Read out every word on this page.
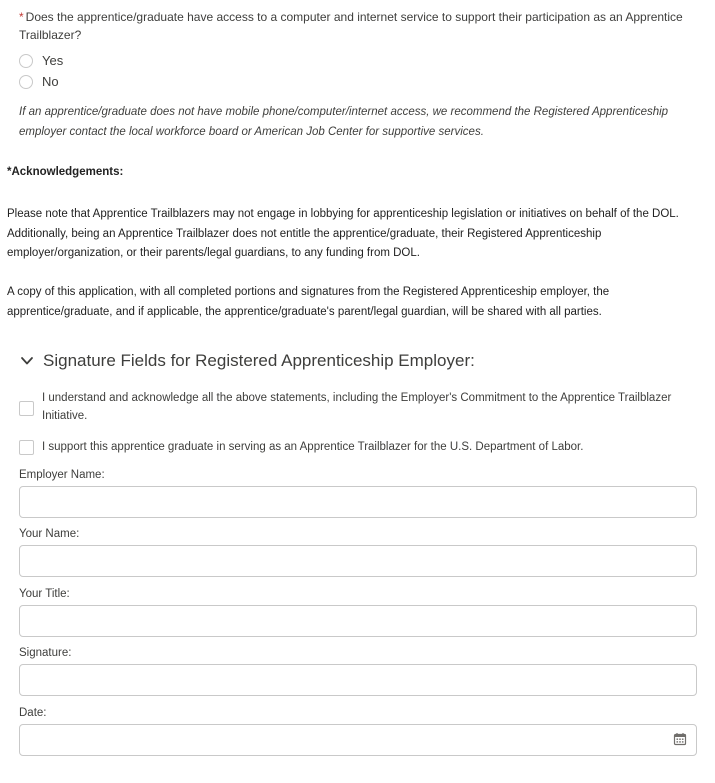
* Does the apprentice/graduate have access to a computer and internet service to support their participation as an Apprentice Trailblazer?
Yes
No
If an apprentice/graduate does not have mobile phone/computer/internet access, we recommend the Registered Apprenticeship employer contact the local workforce board or American Job Center for supportive services.
*Acknowledgements:
Please note that Apprentice Trailblazers may not engage in lobbying for apprenticeship legislation or initiatives on behalf of the DOL. Additionally, being an Apprentice Trailblazer does not entitle the apprentice/graduate, their Registered Apprenticeship employer/organization, or their parents/legal guardians, to any funding from DOL.
A copy of this application, with all completed portions and signatures from the Registered Apprenticeship employer, the apprentice/graduate, and if applicable, the apprentice/graduate's parent/legal guardian, will be shared with all parties.
Signature Fields for Registered Apprenticeship Employer:
I understand and acknowledge all the above statements, including the Employer's Commitment to the Apprentice Trailblazer Initiative.
I support this apprentice graduate in serving as an Apprentice Trailblazer for the U.S. Department of Labor.
Employer Name:
Your Name:
Your Title:
Signature:
Date:
